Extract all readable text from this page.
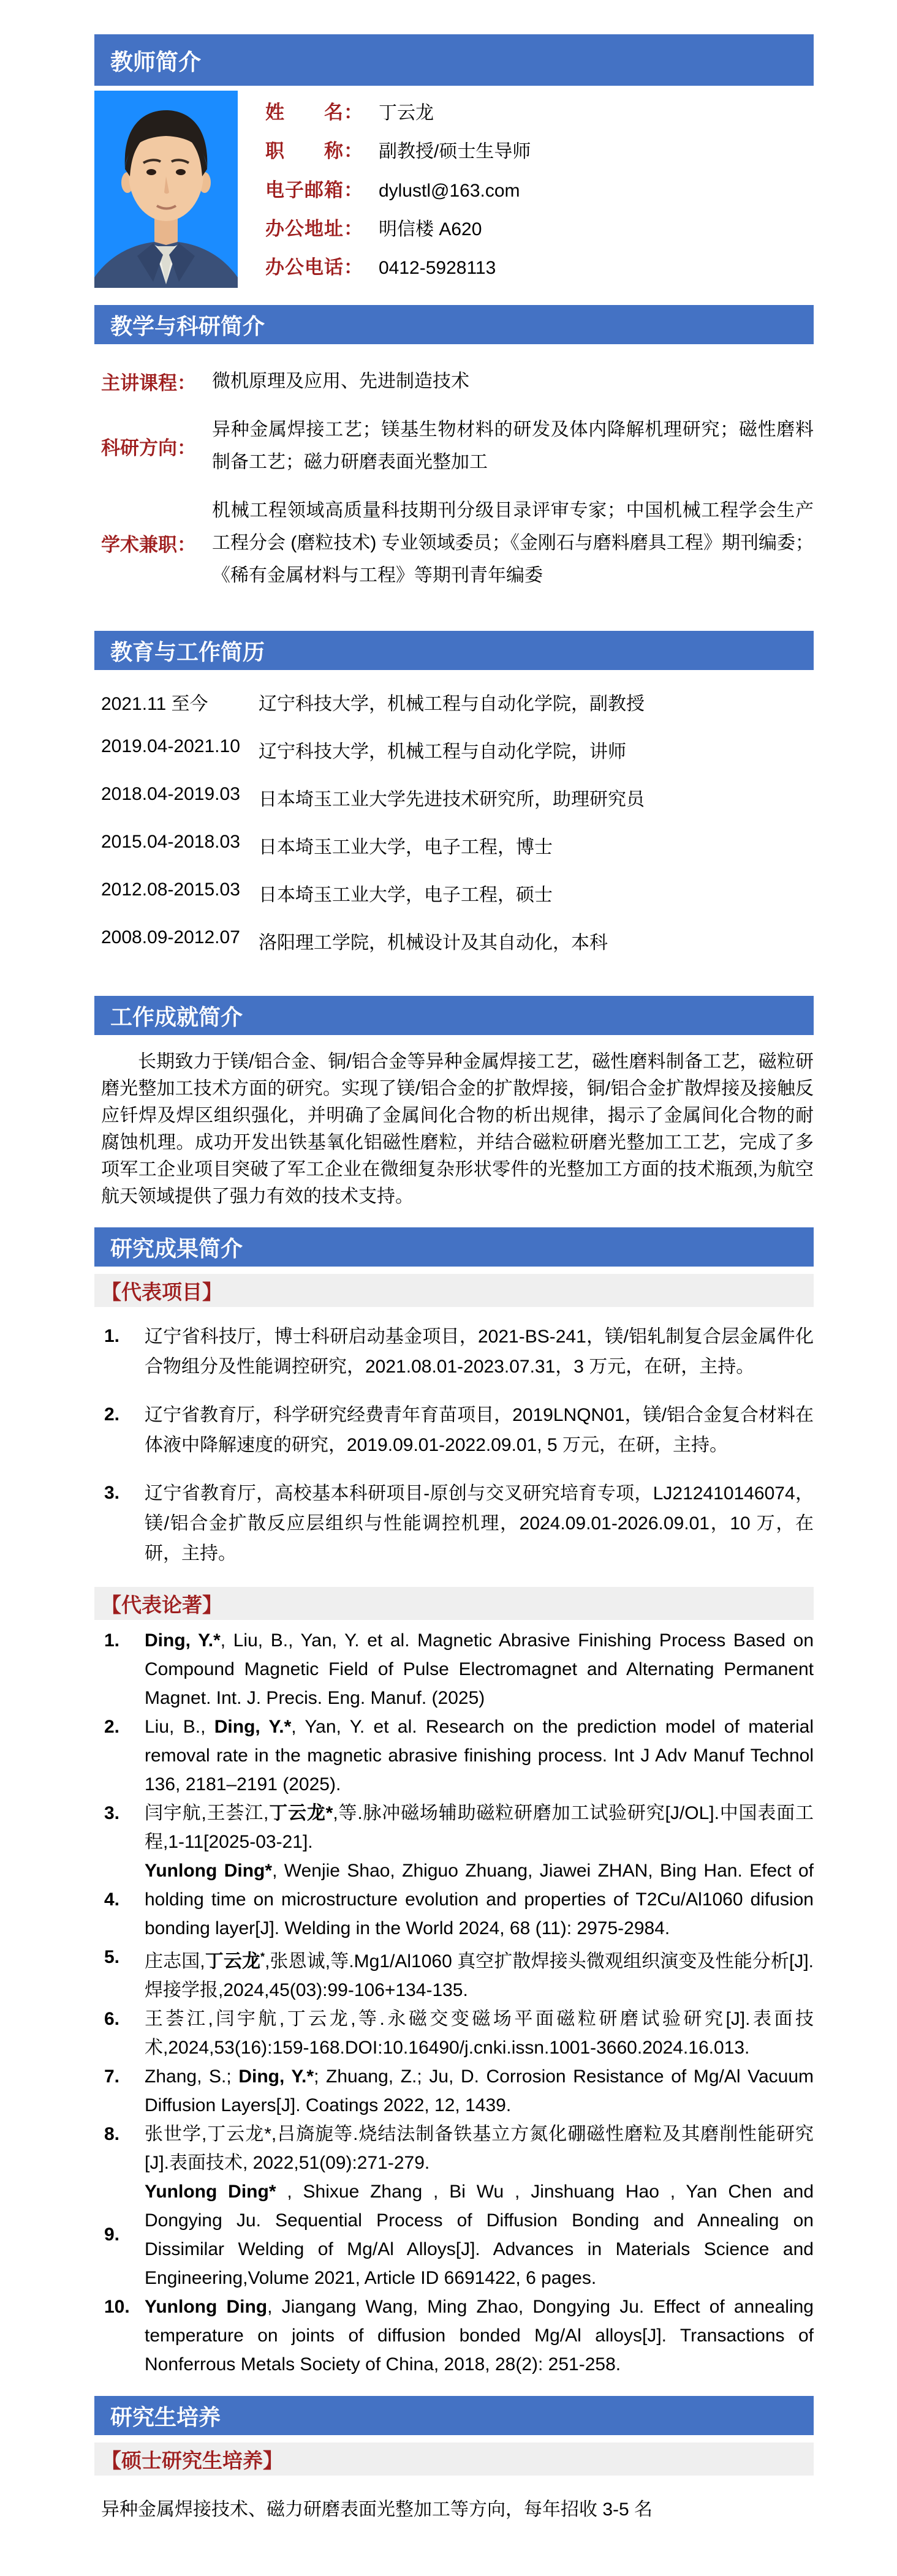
教师简介
姓　　名： 丁云龙
职　　称： 副教授/硕士生导师
电子邮箱： dylustl@163.com
办公地址： 明信楼 A620
办公电话： 0412-5928113
教学与科研简介
主讲课程： 微机原理及应用、先进制造技术
科研方向：
异种金属焊接工艺；镁基生物材料的研发及体内降解机理研究；磁性磨料制备工艺；磁力研磨表面光整加工
学术兼职：
机械工程领域高质量科技期刊分级目录评审专家；中国机械工程学会生产工程分会 (磨粒技术) 专业领域委员；《金刚石与磨料磨具工程》期刊编委；《稀有金属材料与工程》等期刊青年编委
教育与工作简历
2021.11 至今	辽宁科技大学，机械工程与自动化学院，副教授
2019.04-2021.10	辽宁科技大学，机械工程与自动化学院，讲师
2018.04-2019.03	日本埼玉工业大学先进技术研究所，助理研究员
2015.04-2018.03	日本埼玉工业大学，电子工程，博士
2012.08-2015.03	日本埼玉工业大学，电子工程，硕士
2008.09-2012.07	洛阳理工学院，机械设计及其自动化，本科
工作成就简介

长期致力于镁/铝合金、铜/铝合金等异种金属焊接工艺，磁性磨料制备工艺，磁粒研磨光整加工技术方面的研究。实现了镁/铝合金的扩散焊接，铜/铝合金扩散焊接及接触反应钎焊及焊区组织强化，并明确了金属间化合物的析出规律，揭示了金属间化合物的耐腐蚀机理。成功开发出铁基氧化铝磁性磨粒，并结合磁粒研磨光整加工工艺，完成了多项军工企业项目突破了军工企业在微细复杂形状零件的光整加工方面的技术瓶颈,为航空航天领域提供了强力有效的技术支持。

研究成果简介
【代表项目】
1.	辽宁省科技厅，博士科研启动基金项目，2021-BS-241，镁/铝轧制复合层金属件化合物组分及性能调控研究，2021.08.01-2023.07.31，3 万元，在研，主持。
2.	辽宁省教育厅，科学研究经费青年育苗项目，2019LNQN01，镁/铝合金复合材料在体液中降解速度的研究，2019.09.01-2022.09.01, 5 万元，在研，主持。
3.	辽宁省教育厅，高校基本科研项目-原创与交叉研究培育专项，LJ212410146074，镁/铝合金扩散反应层组织与性能调控机理，2024.09.01-2026.09.01，10 万，在研，主持。
【代表论著】
1.	Ding, Y.*, Liu, B., Yan, Y. et al. Magnetic Abrasive Finishing Process Based on Compound Magnetic Field of Pulse Electromagnet and Alternating Permanent Magnet. Int. J. Precis. Eng. Manuf. (2025)
2.	Liu, B., Ding, Y.*, Yan, Y. et al. Research on the prediction model of material removal rate in the magnetic abrasive finishing process. Int J Adv Manuf Technol 136, 2181–2191 (2025).
3.	闫宇航,王荟江,丁云龙*,等.脉冲磁场辅助磁粒研磨加工试验研究[J/OL].中国表面工程,1-11[2025-03-21].
4.
Yunlong Ding*, Wenjie Shao, Zhiguo Zhuang, Jiawei ZHAN, Bing Han. Efect of holding time on microstructure evolution and properties of T2Cu/Al1060 difusion bonding layer[J]. Welding in the World 2024, 68 (11): 2975-2984.
5.	庄志国,丁云龙*,张恩诚,等.Mg1/Al1060 真空扩散焊接头微观组织演变及性能分析[J].焊接学报,2024,45(03):99-106+134-135.
6.	王荟江,闫宇航,丁云龙,等.永磁交变磁场平面磁粒研磨试验研究[J].表面技术,2024,53(16):159-168.DOI:10.16490/j.cnki.issn.1001-3660.2024.16.013.
7.	Zhang, S.; Ding, Y.*; Zhuang, Z.; Ju, D. Corrosion Resistance of Mg/Al Vacuum Diffusion Layers[J]. Coatings 2022, 12, 1439.
8.	张世学,丁云龙*,吕旖旎等.烧结法制备铁基立方氮化硼磁性磨粒及其磨削性能研究[J].表面技术, 2022,51(09):271-279.
9.
Yunlong Ding* , Shixue Zhang , Bi Wu , Jinshuang Hao , Yan Chen and Dongying Ju. Sequential Process of Diffusion Bonding and Annealing on Dissimilar Welding of Mg/Al Alloys[J]. Advances in Materials Science and Engineering,Volume 2021, Article ID 6691422, 6 pages.
10. Yunlong Ding, Jiangang Wang, Ming Zhao, Dongying Ju. Effect of annealing temperature on joints of diffusion bonded Mg/Al alloys[J]. Transactions of Nonferrous Metals Society of China, 2018, 28(2): 251-258.
研究生培养
【硕士研究生培养】

异种金属焊接技术、磁力研磨表面光整加工等方向，每年招收 3-5 名
